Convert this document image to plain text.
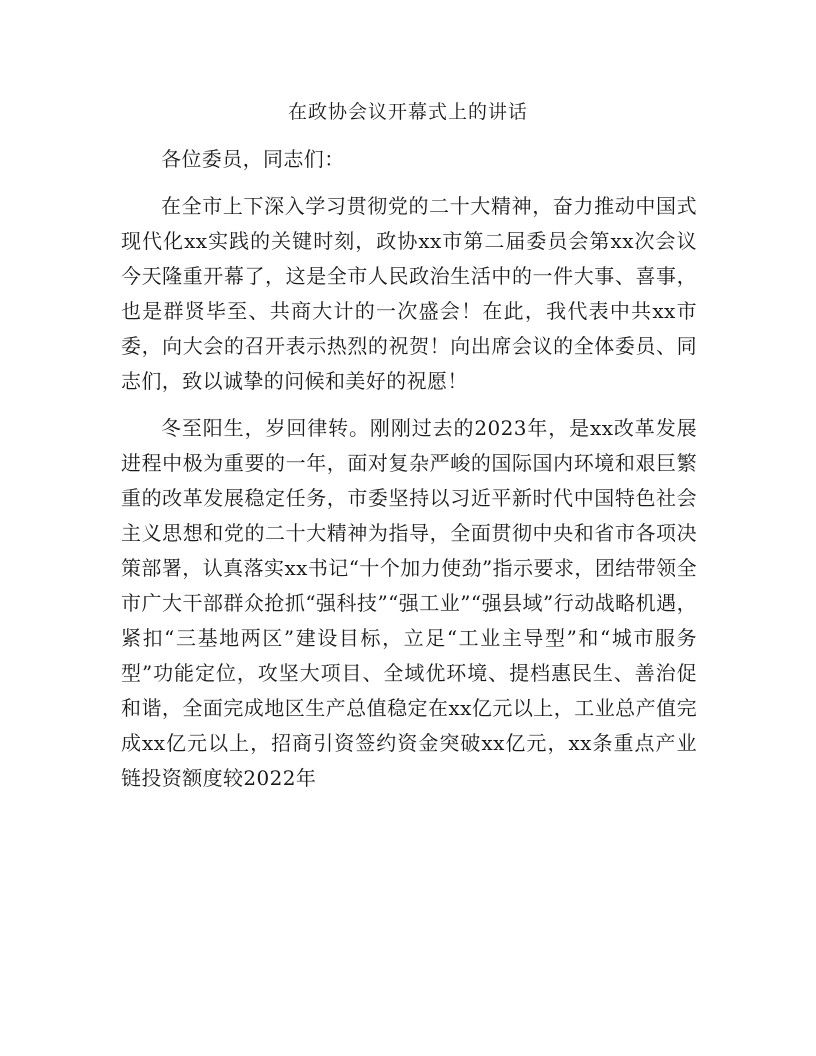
在政协会议开幕式上的讲话

各位委员，同志们：

在全市上下深入学习贯彻党的二十大精神，奋力推动中国式现代化xx实践的关键时刻，政协xx市第二届委员会第xx次会议今天隆重开幕了，这是全市人民政治生活中的一件大事、喜事，也是群贤毕至、共商大计的一次盛会！在此，我代表中共xx市委，向大会的召开表示热烈的祝贺！向出席会议的全体委员、同志们，致以诚挚的问候和美好的祝愿！

冬至阳生，岁回律转。刚刚过去的2023年，是xx改革发展进程中极为重要的一年，面对复杂严峻的国际国内环境和艰巨繁重的改革发展稳定任务，市委坚持以习近平新时代中国特色社会主义思想和党的二十大精神为指导，全面贯彻中央和省市各项决策部署，认真落实xx书记“十个加力使劲”指示要求，团结带领全市广大干部群众抢抓“强科技”“强工业”“强县域”行动战略机遇，紧扣“三基地两区”建设目标，立足“工业主导型”和“城市服务型”功能定位，攻坚大项目、全域优环境、提档惠民生、善治促和谐，全面完成地区生产总值稳定在xx亿元以上，工业总产值完成xx亿元以上，招商引资签约资金突破xx亿元，xx条重点产业链投资额度较2022年
